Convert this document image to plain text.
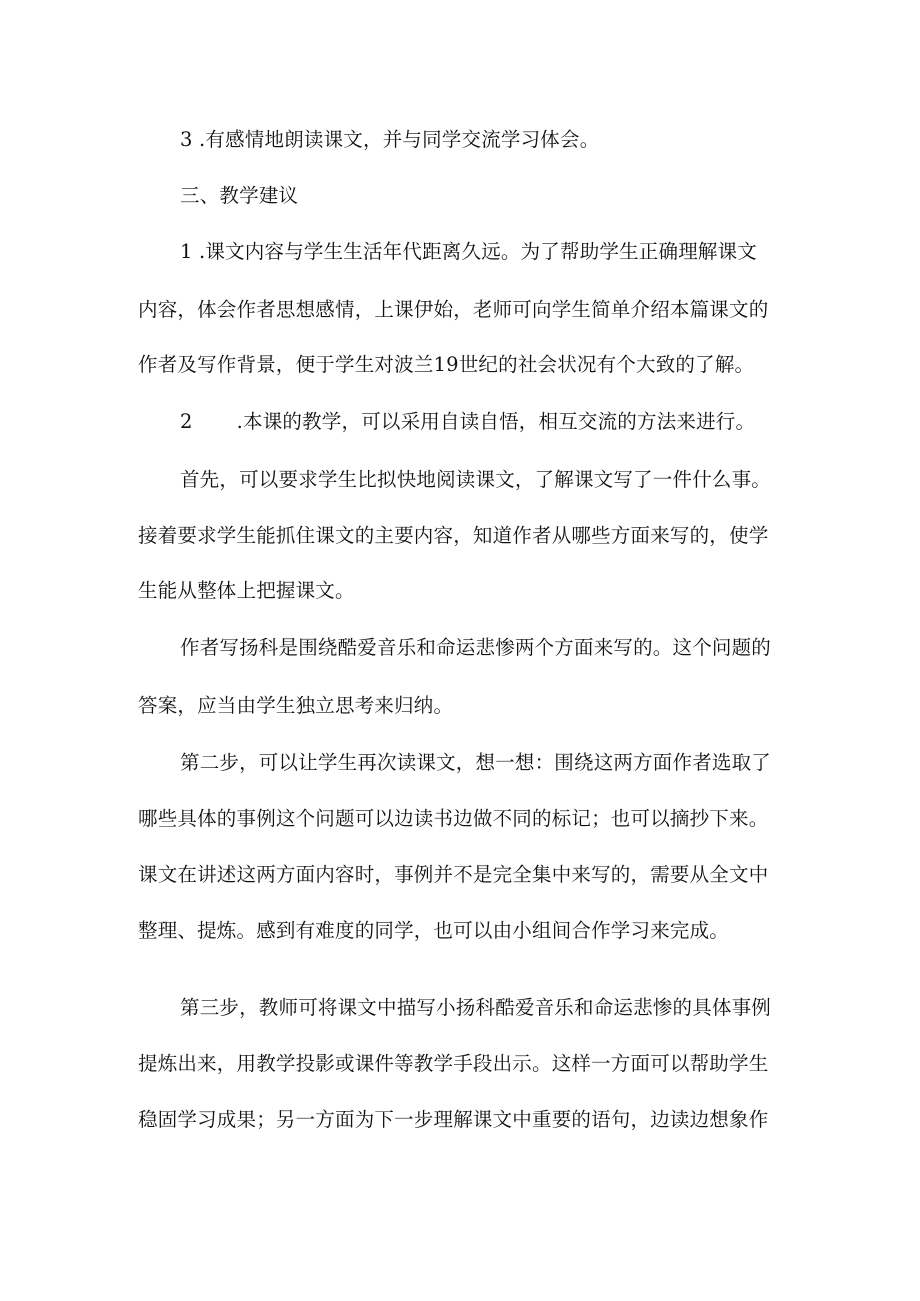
3 .有感情地朗读课文，并与同学交流学习体会。
三、教学建议
1 .课文内容与学生生活年代距离久远。为了帮助学生正确理解课文
内容，体会作者思想感情，上课伊始，老师可向学生简单介绍本篇课文的
作者及写作背景，便于学生对波兰19世纪的社会状况有个大致的了解。
2 .本课的教学，可以采用自读自悟，相互交流的方法来进行。
首先，可以要求学生比拟快地阅读课文，了解课文写了一件什么事。
接着要求学生能抓住课文的主要内容，知道作者从哪些方面来写的，使学
生能从整体上把握课文。
作者写扬科是围绕酷爱音乐和命运悲惨两个方面来写的。这个问题的
答案，应当由学生独立思考来归纳。
第二步，可以让学生再次读课文，想一想：围绕这两方面作者选取了
哪些具体的事例这个问题可以边读书边做不同的标记；也可以摘抄下来。
课文在讲述这两方面内容时，事例并不是完全集中来写的，需要从全文中
整理、提炼。感到有难度的同学，也可以由小组间合作学习来完成。
第三步，教师可将课文中描写小扬科酷爱音乐和命运悲惨的具体事例
提炼出来，用教学投影或课件等教学手段出示。这样一方面可以帮助学生
稳固学习成果；另一方面为下一步理解课文中重要的语句，边读边想象作
